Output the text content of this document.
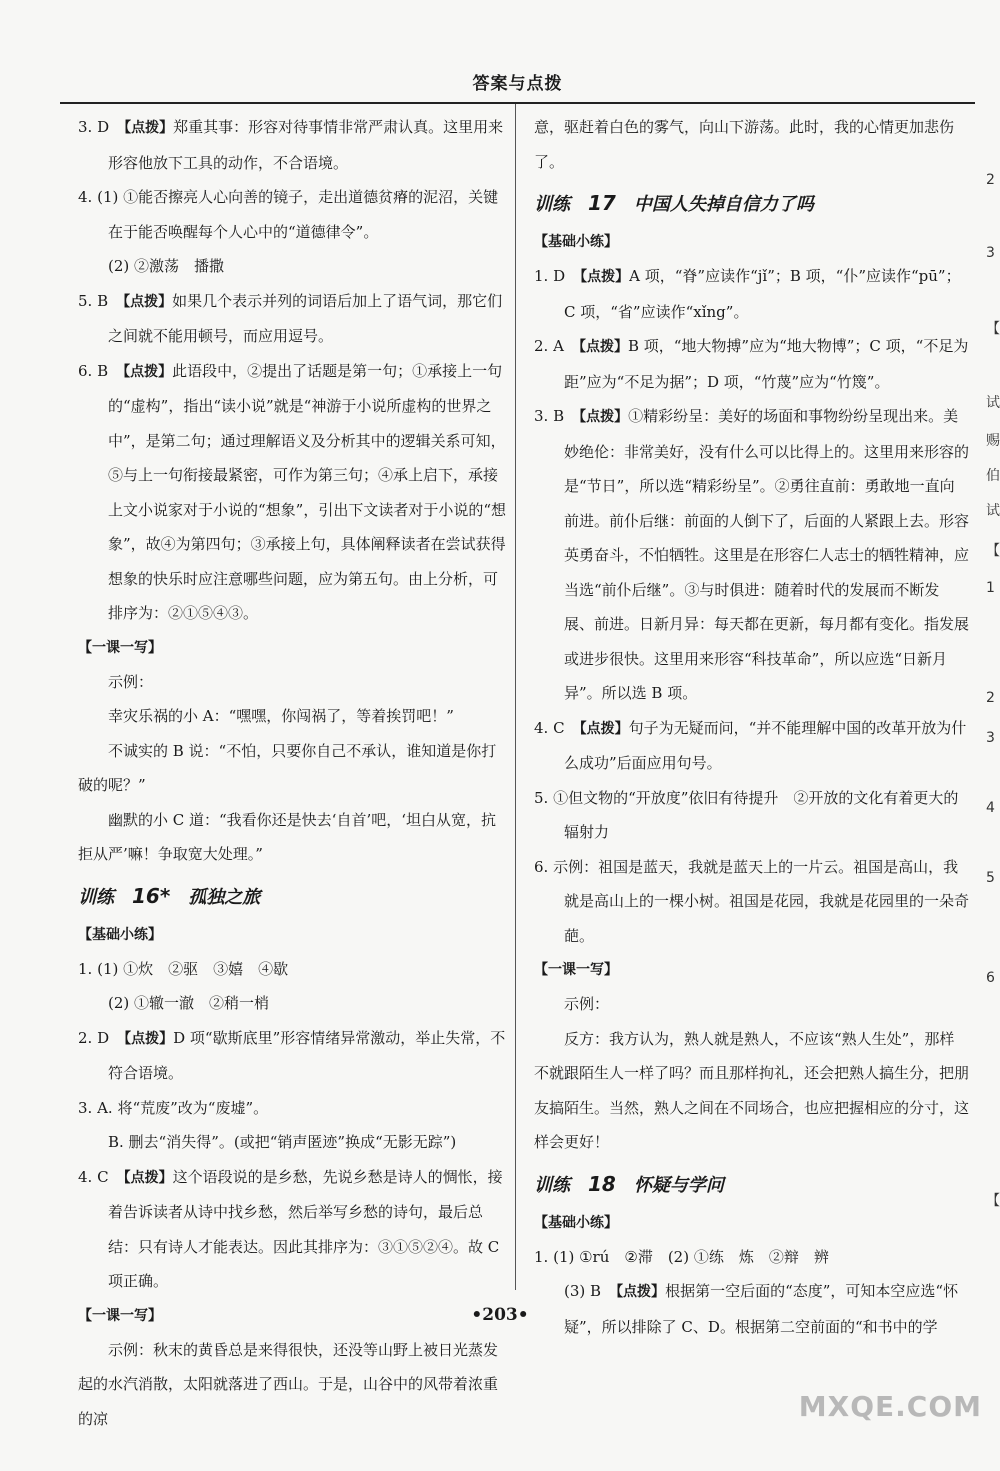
答案与点拨

3. D　 【点拨】郑重其事：形容对待事情非常严肃认真。这里用来形容他放下工具的动作，不合语境。

4. (1) ①能否擦亮人心向善的镜子，走出道德贫瘠的泥沼，关键在于能否唤醒每个人心中的“道德律令”。

(2) ②激荡　播撒

5. B　 【点拨】如果几个表示并列的词语后加上了语气词，那它们之间就不能用顿号，而应用逗号。

6. B　 【点拨】此语段中，②提出了话题是第一句；①承接上一句的“虚构”，指出“读小说”就是“神游于小说所虚构的世界之中”，是第二句；通过理解语义及分析其中的逻辑关系可知，⑤与上一句衔接最紧密，可作为第三句；④承上启下，承接上文小说家对于小说的“想象”，引出下文读者对于小说的“想象”，故④为第四句；③承接上句，具体阐释读者在尝试获得想象的快乐时应注意哪些问题，应为第五句。由上分析，可排序为：②①⑤④③。

【一课一写】

示例：

幸灾乐祸的小 A：“嘿嘿，你闯祸了，等着挨罚吧！”

不诚实的 B 说：“不怕，只要你自己不承认，谁知道是你打破的呢？”

幽默的小 C 道：“我看你还是快去‘自首’吧，‘坦白从宽，抗拒从严’嘛！争取宽大处理。”

训练 16* 孤独之旅
【基础小练】

1. (1) ①炊　②驱　③嬉　④歇

(2) ①辙一澈　②稍一梢

2. D　 【点拨】D 项“歇斯底里”形容情绪异常激动，举止失常，不符合语境。

3. A. 将“荒废”改为“废墟”。

B. 删去“消失得”。(或把“销声匿迹”换成“无影无踪”)

4. C　 【点拨】这个语段说的是乡愁，先说乡愁是诗人的惆怅，接着告诉读者从诗中找乡愁，然后举写乡愁的诗句，最后总结：只有诗人才能表达。因此其排序为：③①⑤②④。故 C 项正确。

【一课一写】

示例：秋末的黄昏总是来得很快，还没等山野上被日光蒸发起的水汽消散，太阳就落进了西山。于是，山谷中的风带着浓重的凉

意，驱赶着白色的雾气，向山下游荡。此时，我的心情更加悲伤了。

训练 17 中国人失掉自信力了吗
【基础小练】

1. D　 【点拨】A 项，“脊”应读作“jǐ”；B 项，“仆”应读作“pū”；C 项，“省”应读作“xǐng”。

2. A　 【点拨】B 项，“地大物搏”应为“地大物博”；C 项，“不足为距”应为“不足为据”；D 项，“竹蔑”应为“竹篾”。

3. B　 【点拨】①精彩纷呈：美好的场面和事物纷纷呈现出来。美妙绝伦：非常美好，没有什么可以比得上的。这里用来形容的是“节日”，所以选“精彩纷呈”。②勇往直前：勇敢地一直向前进。前仆后继：前面的人倒下了，后面的人紧跟上去。形容英勇奋斗，不怕牺牲。这里是在形容仁人志士的牺牲精神，应当选“前仆后继”。③与时俱进：随着时代的发展而不断发展、前进。日新月异：每天都在更新，每月都有变化。指发展或进步很快。这里用来形容“科技革命”，所以应选“日新月异”。所以选 B 项。

4. C　 【点拨】句子为无疑而问，“并不能理解中国的改革开放为什么成功”后面应用句号。

5. ①但文物的“开放度”依旧有待提升　②开放的文化有着更大的辐射力

6. 示例：祖国是蓝天，我就是蓝天上的一片云。祖国是高山，我就是高山上的一棵小树。祖国是花园，我就是花园里的一朵奇葩。

【一课一写】

示例：

反方：我方认为，熟人就是熟人，不应该“熟人生处”，那样不就跟陌生人一样了吗？而且那样拘礼，还会把熟人搞生分，把朋友搞陌生。当然，熟人之间在不同场合，也应把握相应的分寸，这样会更好！

训练 18 怀疑与学问
【基础小练】

1. (1) ①rú　②滞　(2) ①练　炼　②辩　辨

(3) B　 【点拨】根据第一空后面的“态度”，可知本空应选“怀疑”，所以排除了 C、D。根据第二空前面的“和书中的学

•203•
2
3
【
试
赐
伯
试
【
1
2
3
4
5
6
【
MXQE.COM
